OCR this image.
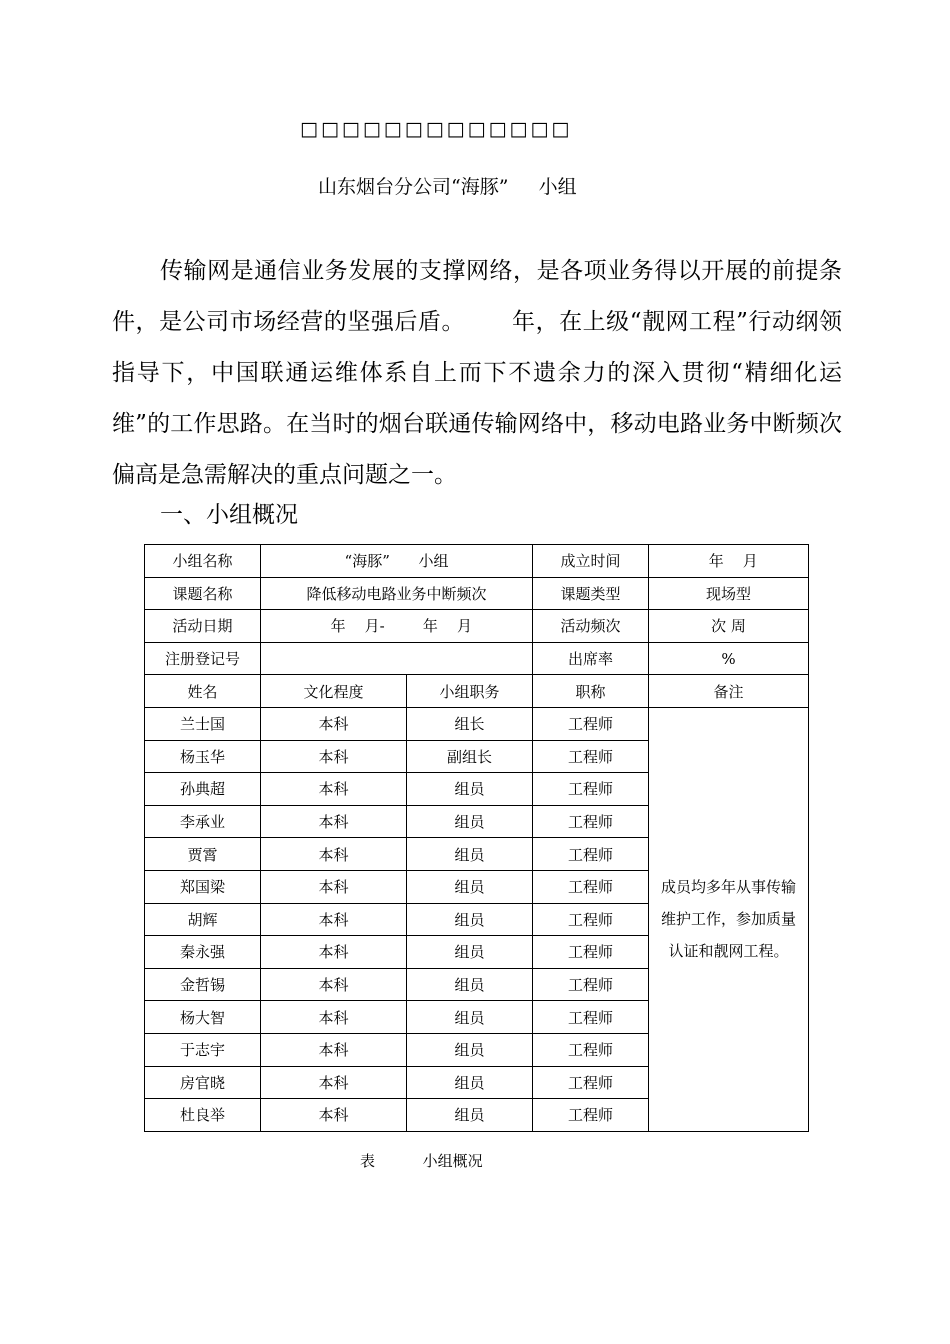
□□□□□□□□□□□□□
山东烟台分公司“海豚”     小组

传输网是通信业务发展的支撑网络，是各项业务得以开展的前提条件，是公司市场经营的坚强后盾。      年，在上级“靓网工程”行动纲领指导下，中国联通运维体系自上而下不遗余力的深入贯彻“精细化运维”的工作思路。在当时的烟台联通传输网络中，移动电路业务中断频次偏高是急需解决的重点问题之一。

一、小组概况
小组名称	“海豚”      小组		成立时间	年    月
课题名称	降低移动电路业务中断频次		课题类型	现场型
活动日期	年    月-        年    月		活动频次	次 周
注册登记号			出席率	%
姓名	文化程度	小组职务	职称	备注
兰士国	本科	组长	工程师	成员均多年从事传输维护工作，参加质量认证和靓网工程。
杨玉华	本科	副组长	工程师	
孙典超	本科	组员	工程师	
李承业	本科	组员	工程师	
贾霄	本科	组员	工程师	
郑国梁	本科	组员	工程师	
胡辉	本科	组员	工程师	
秦永强	本科	组员	工程师	
金哲锡	本科	组员	工程师	
杨大智	本科	组员	工程师	
于志宇	本科	组员	工程师	
房官晓	本科	组员	工程师	
杜良举	本科	组员	工程师	
表          小组概况
